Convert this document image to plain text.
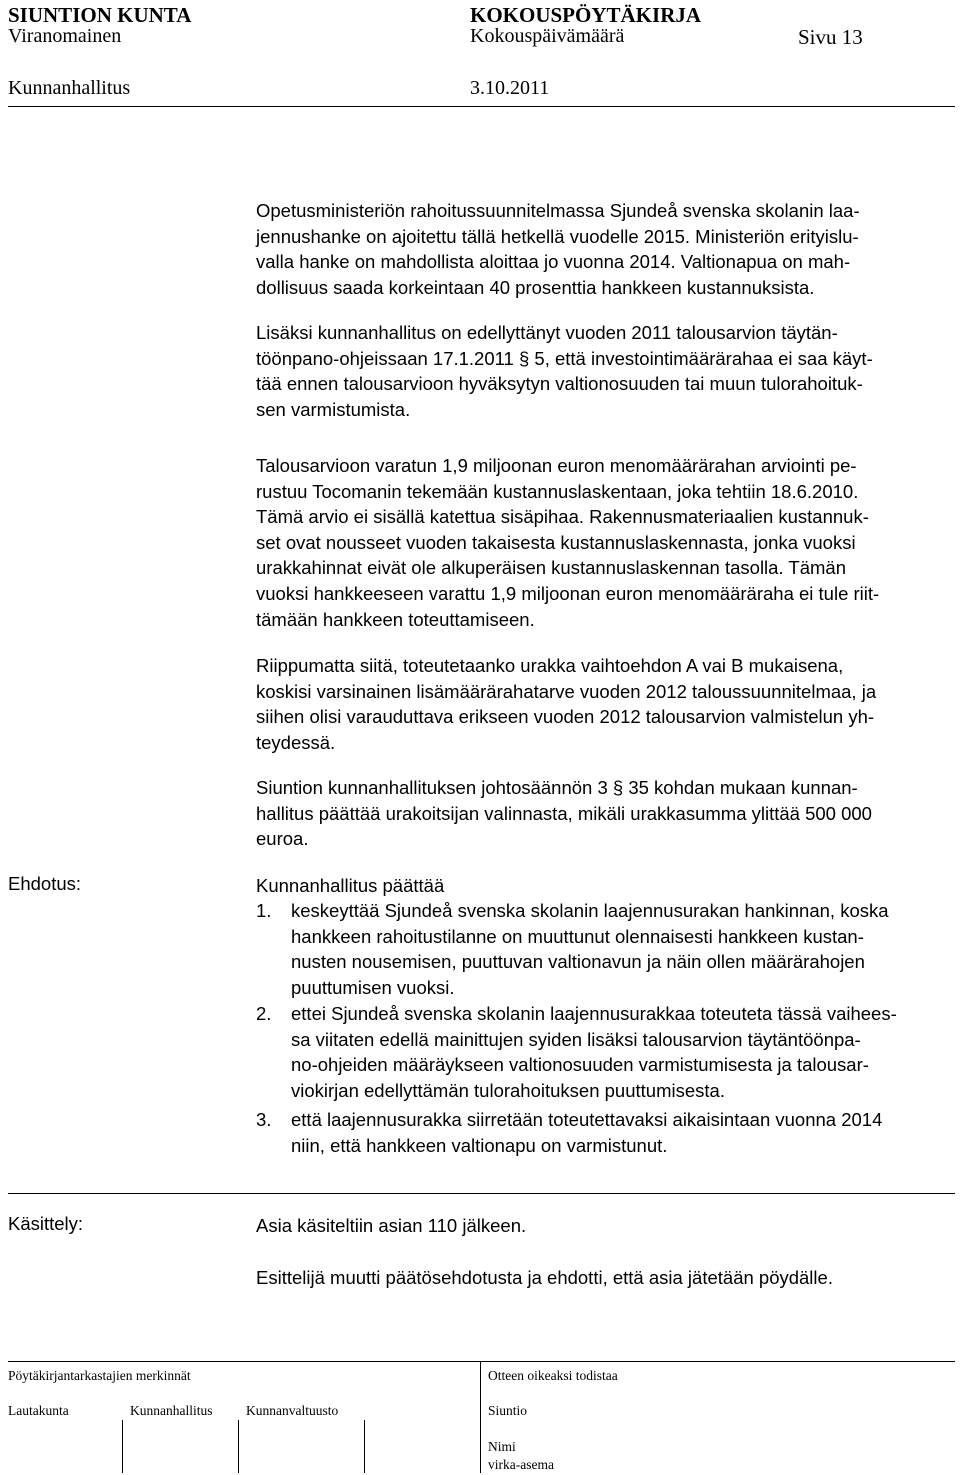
SIUNTION KUNTA	KOKOUSPÖYTÄKIRJA
Viranomainen	Kokouspäivämäärä	Sivu 13
Kunnanhallitus	3.10.2011
Opetusministeriön rahoitussuunnitelmassa Sjundeå svenska skolanin laa-
jennushanke on ajoitettu tällä hetkellä vuodelle 2015. Ministeriön erityislu-
valla hanke on mahdollista aloittaa jo vuonna 2014. Valtionapua on mah-
dollisuus saada korkeintaan 40 prosenttia hankkeen kustannuksista.
Lisäksi kunnanhallitus on edellyttänyt vuoden 2011 talousarvion täytän-
töönpano-ohjeissaan 17.1.2011 § 5, että investointimäärärahaa ei saa käyt-
tää ennen talousarvioon hyväksytyn valtionosuuden tai muun tulorahoituk-
sen varmistumista.
Talousarvioon varatun 1,9 miljoonan euron menomäärärahan arviointi pe-
rustuu Tocomanin tekemään kustannuslaskentaan, joka tehtiin 18.6.2010.
Tämä arvio ei sisällä katettua sisäpihaa. Rakennusmateriaalien kustannuk-
set ovat nousseet vuoden takaisesta kustannuslaskennasta, jonka vuoksi
urakkahinnat eivät ole alkuperäisen kustannuslaskennan tasolla. Tämän
vuoksi hankkeeseen varattu 1,9 miljoonan euron menomääräraha ei tule riit-
tämään hankkeen toteuttamiseen.
Riippumatta siitä, toteutetaanko urakka vaihtoehdon A vai B mukaisena,
koskisi varsinainen lisämäärärahatarve vuoden 2012 taloussuunnitelmaa, ja
siihen olisi varauduttava erikseen vuoden 2012 talousarvion valmistelun yh-
teydessä.
Siuntion kunnanhallituksen johtosäännön 3 § 35 kohdan mukaan kunnan-
hallitus päättää urakoitsijan valinnasta, mikäli urakkasumma ylittää 500 000
euroa.
Ehdotus:	Kunnanhallitus päättää
1. keskeyttää Sjundeå svenska skolanin laajennusurakan hankinnan, koska
hankkeen rahoitustilanne on muuttunut olennaisesti hankkeen kustan-
nusten nousemisen, puuttuvan valtionavun ja näin ollen määrärahojen
puuttumisen vuoksi.
2. ettei Sjundeå svenska skolanin laajennusurakkaa toteuteta tässä vaihees-
sa viitaten edellä mainittujen syiden lisäksi talousarvion täytäntöönpa-
no-ohjeiden määräykseen valtionosuuden varmistumisesta ja talousar-
viokirjan edellyttämän tulorahoituksen puuttumisesta.
3. että laajennusurakka siirretään toteutettavaksi aikaisintaan vuonna 2014
niin, että hankkeen valtionapu on varmistunut.
Käsittely:	Asia käsiteltiin asian 110 jälkeen.
Esittelijä muutti päätösehdotusta ja ehdotti, että asia jätetään pöydälle.
Pöytäkirjantarkastajien merkinnät	Otteen oikeaksi todistaa
Lautakunta	Kunnanhallitus Kunnanvaltuusto	Siuntio
Nimi
virka-asema
